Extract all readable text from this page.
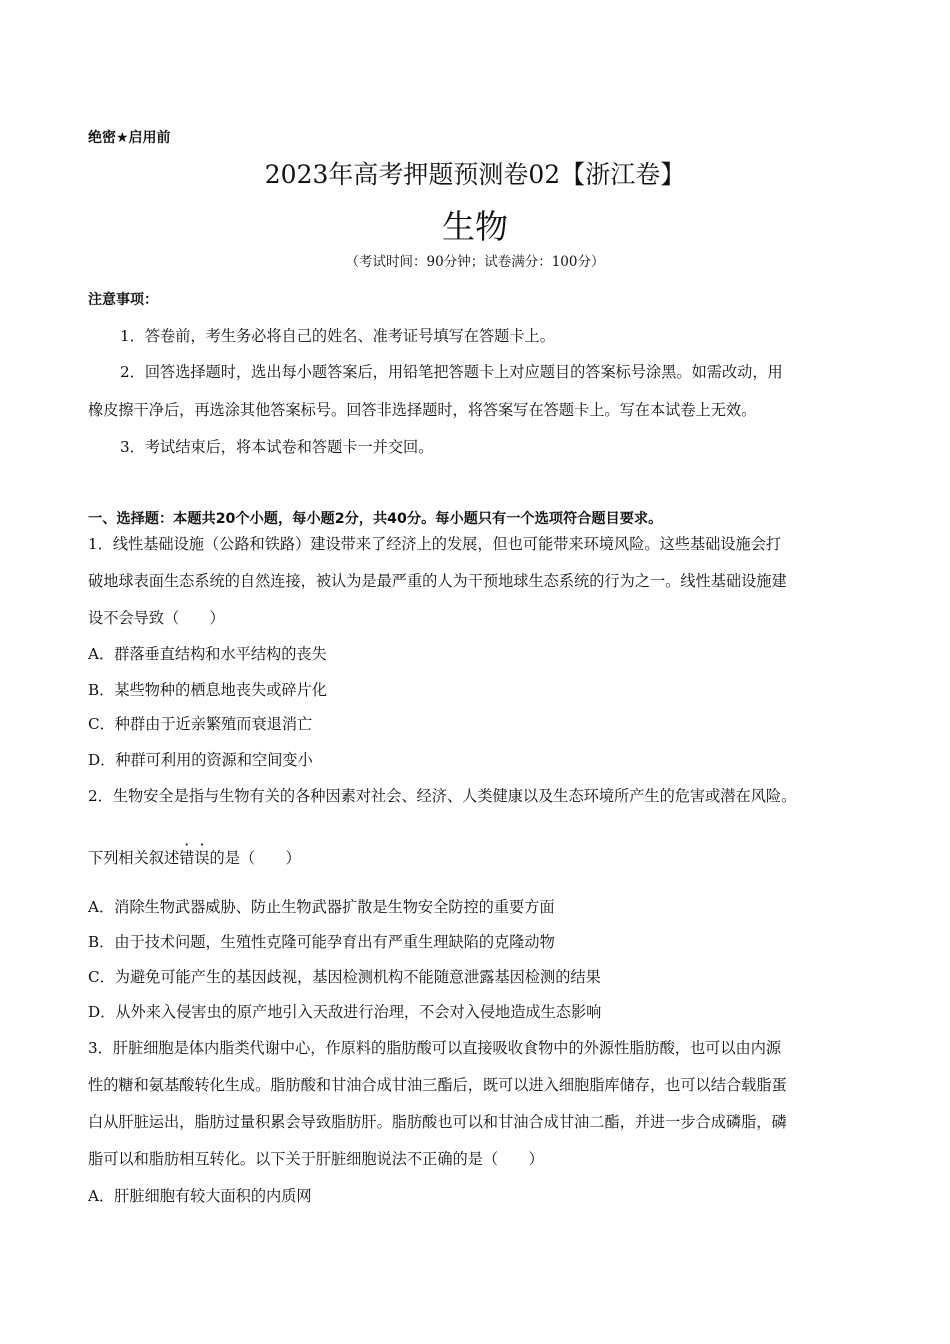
绝密★启用前
2023年高考押题预测卷02【浙江卷】
生物
（考试时间：90分钟；试卷满分：100分）
注意事项：
1．答卷前，考生务必将自己的姓名、准考证号填写在答题卡上。
2．回答选择题时，选出每小题答案后，用铅笔把答题卡上对应题目的答案标号涂黑。如需改动，用
橡皮擦干净后，再选涂其他答案标号。回答非选择题时，将答案写在答题卡上。写在本试卷上无效。
3．考试结束后，将本试卷和答题卡一并交回。
一、选择题：本题共20个小题，每小题2分，共40分。每小题只有一个选项符合题目要求。
1．线性基础设施（公路和铁路）建设带来了经济上的发展，但也可能带来环境风险。这些基础设施会打
破地球表面生态系统的自然连接，被认为是最严重的人为干预地球生态系统的行为之一。线性基础设施建
设不会导致（　　）
A．群落垂直结构和水平结构的丧失
B．某些物种的栖息地丧失或碎片化
C．种群由于近亲繁殖而衰退消亡
D．种群可利用的资源和空间变小
2．生物安全是指与生物有关的各种因素对社会、经济、人类健康以及生态环境所产生的危害或潜在风险。
下列相关叙述错误的是（　　）
A．消除生物武器威胁、防止生物武器扩散是生物安全防控的重要方面
B．由于技术问题，生殖性克隆可能孕育出有严重生理缺陷的克隆动物
C．为避免可能产生的基因歧视，基因检测机构不能随意泄露基因检测的结果
D．从外来入侵害虫的原产地引入天敌进行治理，不会对入侵地造成生态影响
3．肝脏细胞是体内脂类代谢中心，作原料的脂肪酸可以直接吸收食物中的外源性脂肪酸，也可以由内源
性的糖和氨基酸转化生成。脂肪酸和甘油合成甘油三酯后，既可以进入细胞脂库储存，也可以结合载脂蛋
白从肝脏运出，脂肪过量积累会导致脂肪肝。脂肪酸也可以和甘油合成甘油二酯，并进一步合成磷脂，磷
脂可以和脂肪相互转化。以下关于肝脏细胞说法不正确的是（　　）
A．肝脏细胞有较大面积的内质网
